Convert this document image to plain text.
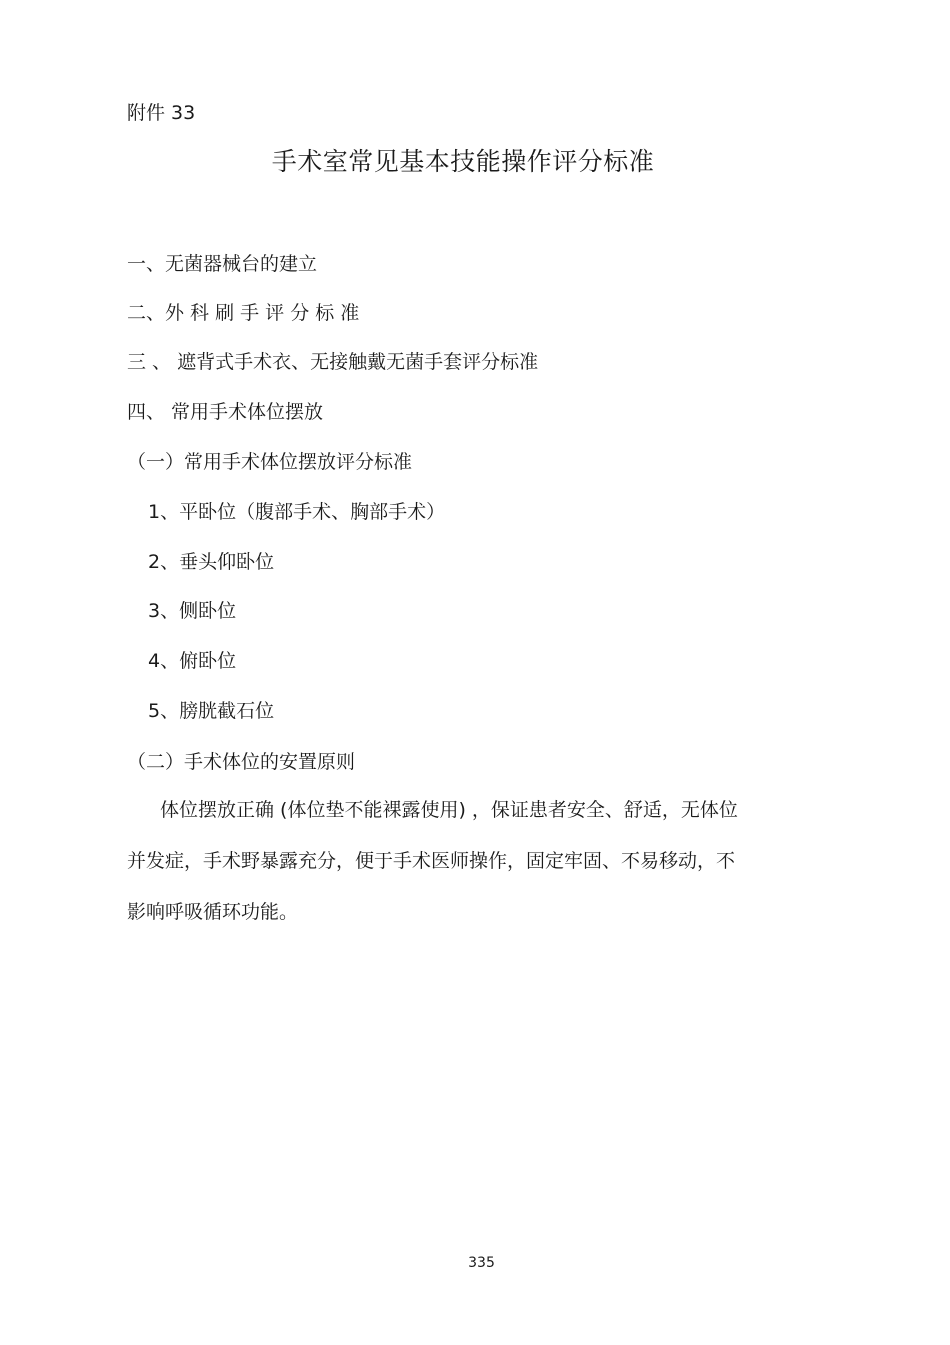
附件 33
手术室常见基本技能操作评分标准
一、无菌器械台的建立
二、外 科 刷 手 评 分 标 准
三 、 遮背式手术衣、无接触戴无菌手套评分标准
四、 常用手术体位摆放
（一）常用手术体位摆放评分标准
1、平卧位（腹部手术、胸部手术）
2、垂头仰卧位
3、侧卧位
4、俯卧位
5、膀胱截石位
（二）手术体位的安置原则
体位摆放正确 (体位垫不能裸露使用) ，保证患者安全、舒适，无体位
并发症，手术野暴露充分，便于手术医师操作，固定牢固、不易移动，不
影响呼吸循环功能。
335
